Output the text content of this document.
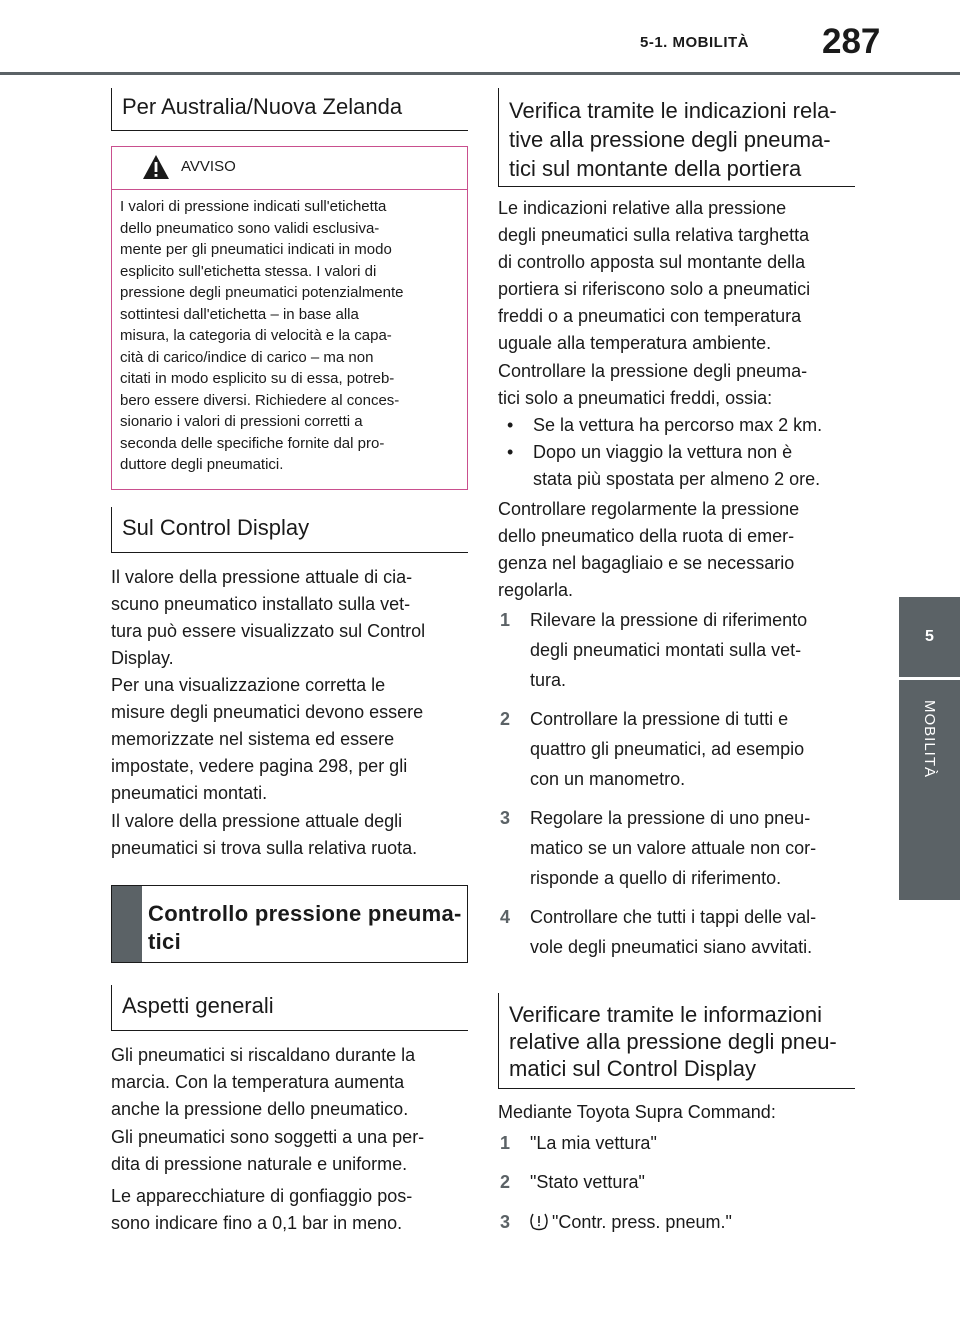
5-1. MOBILITÀ 287
5
MOBILITÀ
Per Australia/Nuova Zelanda
AVVISO
I valori di pressione indicati sull'etichetta
dello pneumatico sono validi esclusiva-
mente per gli pneumatici indicati in modo
esplicito sull'etichetta stessa. I valori di
pressione degli pneumatici potenzialmente
sottintesi dall'etichetta – in base alla
misura, la categoria di velocità e la capa-
cità di carico/indice di carico – ma non
citati in modo esplicito su di essa, potreb-
bero essere diversi. Richiedere al conces-
sionario i valori di pressioni corretti a
seconda delle specifiche fornite dal pro-
duttore degli pneumatici.
Sul Control Display
Il valore della pressione attuale di cia-
scuno pneumatico installato sulla vet-
tura può essere visualizzato sul Control
Display.
Per una visualizzazione corretta le
misure degli pneumatici devono essere
memorizzate nel sistema ed essere
impostate, vedere pagina 298, per gli
pneumatici montati.
Il valore della pressione attuale degli
pneumatici si trova sulla relativa ruota.
Controllo pressione pneuma-
tici
Aspetti generali
Gli pneumatici si riscaldano durante la
marcia. Con la temperatura aumenta
anche la pressione dello pneumatico.
Gli pneumatici sono soggetti a una per-
dita di pressione naturale e uniforme.
Le apparecchiature di gonfiaggio pos-
sono indicare fino a 0,1 bar in meno.
Verifica tramite le indicazioni rela-
tive alla pressione degli pneuma-
tici sul montante della portiera
Le indicazioni relative alla pressione
degli pneumatici sulla relativa targhetta
di controllo apposta sul montante della
portiera si riferiscono solo a pneumatici
freddi o a pneumatici con temperatura
uguale alla temperatura ambiente.
Controllare la pressione degli pneuma-
tici solo a pneumatici freddi, ossia:
• Se la vettura ha percorso max 2 km.
• Dopo un viaggio la vettura non è
stata più spostata per almeno 2 ore.
Controllare regolarmente la pressione
dello pneumatico della ruota di emer-
genza nel bagagliaio e se necessario
regolarla.
1 Rilevare la pressione di riferimento
degli pneumatici montati sulla vet-
tura.
2 Controllare la pressione di tutti e
quattro gli pneumatici, ad esempio
con un manometro.
3 Regolare la pressione di uno pneu-
matico se un valore attuale non cor-
risponde a quello di riferimento.
4 Controllare che tutti i tappi delle val-
vole degli pneumatici siano avvitati.
Verificare tramite le informazioni
relative alla pressione degli pneu-
matici sul Control Display
Mediante Toyota Supra Command:
1 "La mia vettura"
2 "Stato vettura"
3 "Contr. press. pneum."
